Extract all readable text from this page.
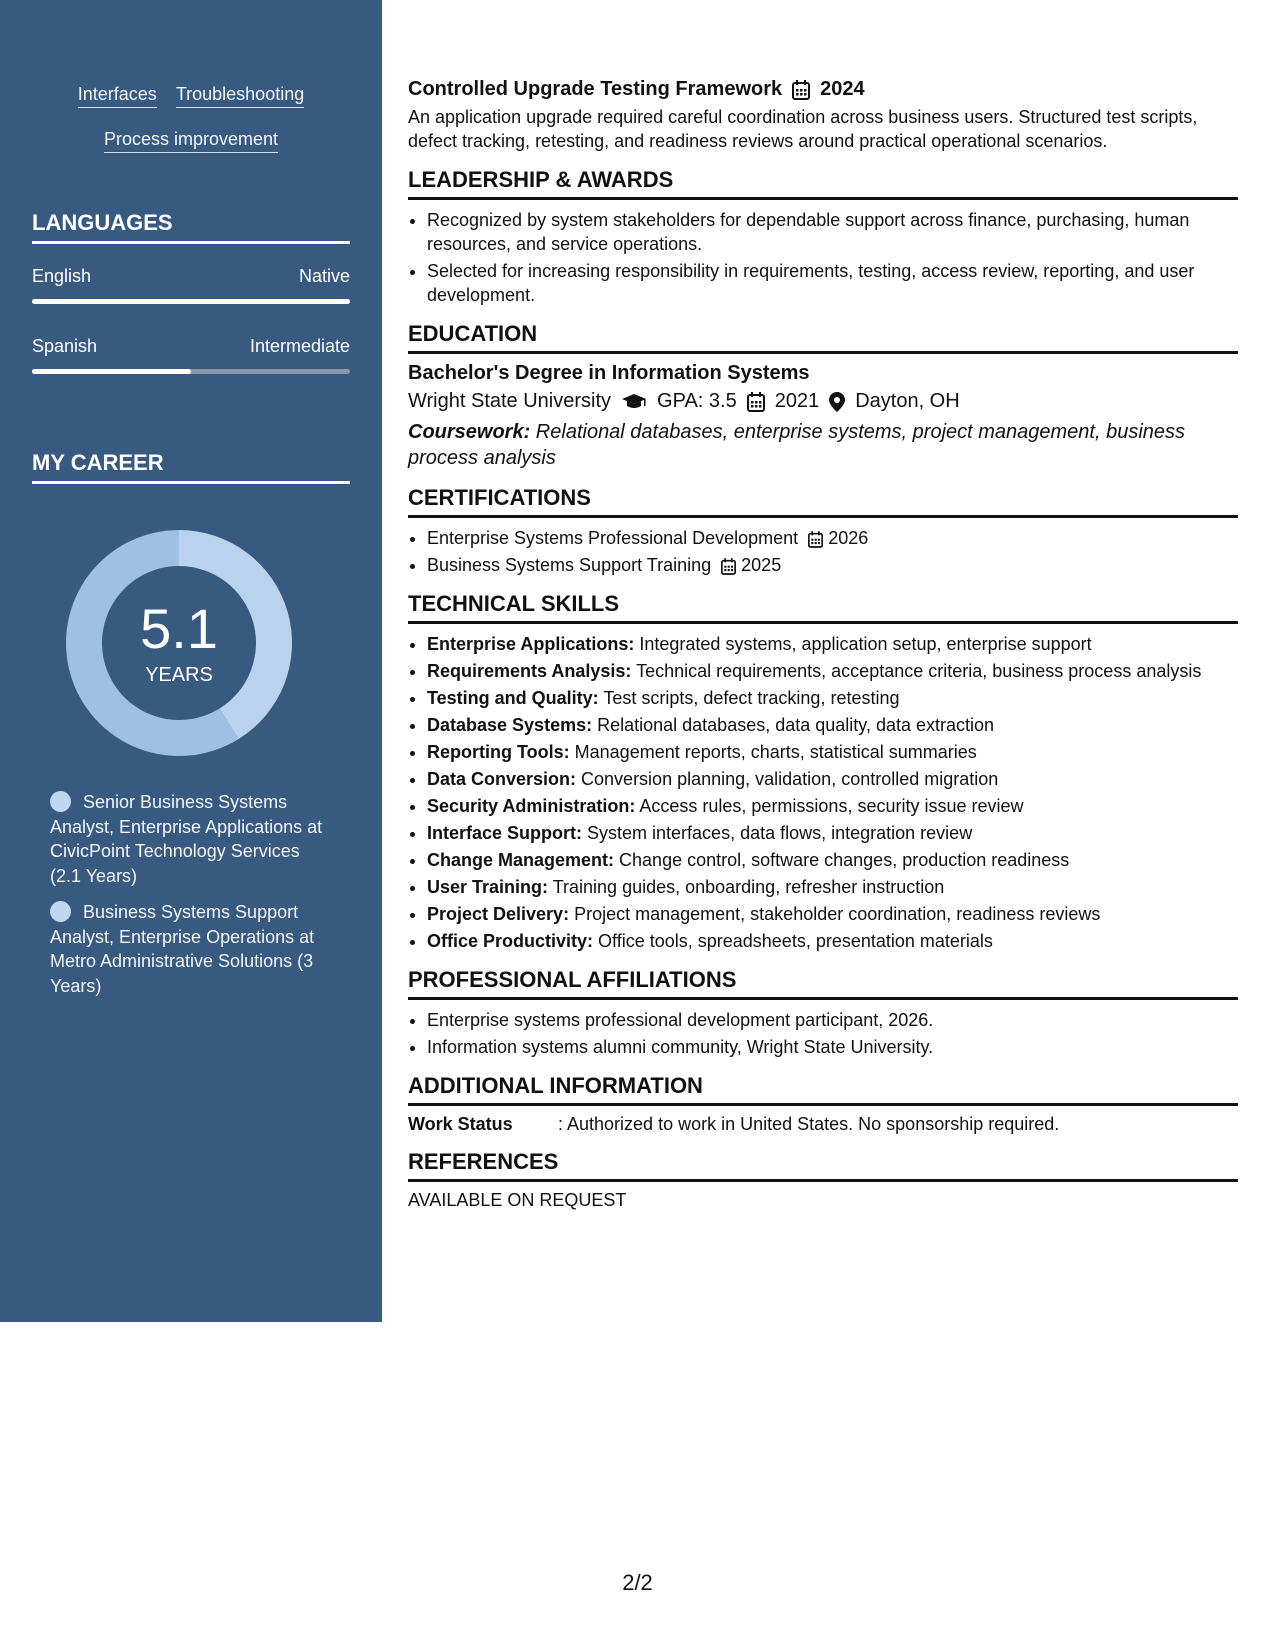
Interfaces Troubleshooting
Process improvement
LANGUAGES
English	Native
Spanish	Intermediate
MY CAREER
5.1
YEARS
Senior Business Systems Analyst, Enterprise Applications at CivicPoint Technology Services (2.1 Years)
Business Systems Support Analyst, Enterprise Operations at Metro Administrative Solutions (3 Years)
Controlled Upgrade Testing Framework 2024
An application upgrade required careful coordination across business users. Structured test scripts, defect tracking, retesting, and readiness reviews around practical operational scenarios.
LEADERSHIP & AWARDS
• Recognized by system stakeholders for dependable support across finance, purchasing, human resources, and service operations.
• Selected for increasing responsibility in requirements, testing, access review, reporting, and user development.
EDUCATION
Bachelor's Degree in Information Systems
Wright State University GPA: 3.5 2021 Dayton, OH
Coursework: Relational databases, enterprise systems, project management, business process analysis
CERTIFICATIONS
• Enterprise Systems Professional Development 2026
• Business Systems Support Training 2025
TECHNICAL SKILLS
• Enterprise Applications: Integrated systems, application setup, enterprise support
• Requirements Analysis: Technical requirements, acceptance criteria, business process analysis
• Testing and Quality: Test scripts, defect tracking, retesting
• Database Systems: Relational databases, data quality, data extraction
• Reporting Tools: Management reports, charts, statistical summaries
• Data Conversion: Conversion planning, validation, controlled migration
• Security Administration: Access rules, permissions, security issue review
• Interface Support: System interfaces, data flows, integration review
• Change Management: Change control, software changes, production readiness
• User Training: Training guides, onboarding, refresher instruction
• Project Delivery: Project management, stakeholder coordination, readiness reviews
• Office Productivity: Office tools, spreadsheets, presentation materials
PROFESSIONAL AFFILIATIONS
• Enterprise systems professional development participant, 2026.
• Information systems alumni community, Wright State University.
ADDITIONAL INFORMATION
Work Status	: Authorized to work in United States. No sponsorship required.
REFERENCES
AVAILABLE ON REQUEST
2/2
